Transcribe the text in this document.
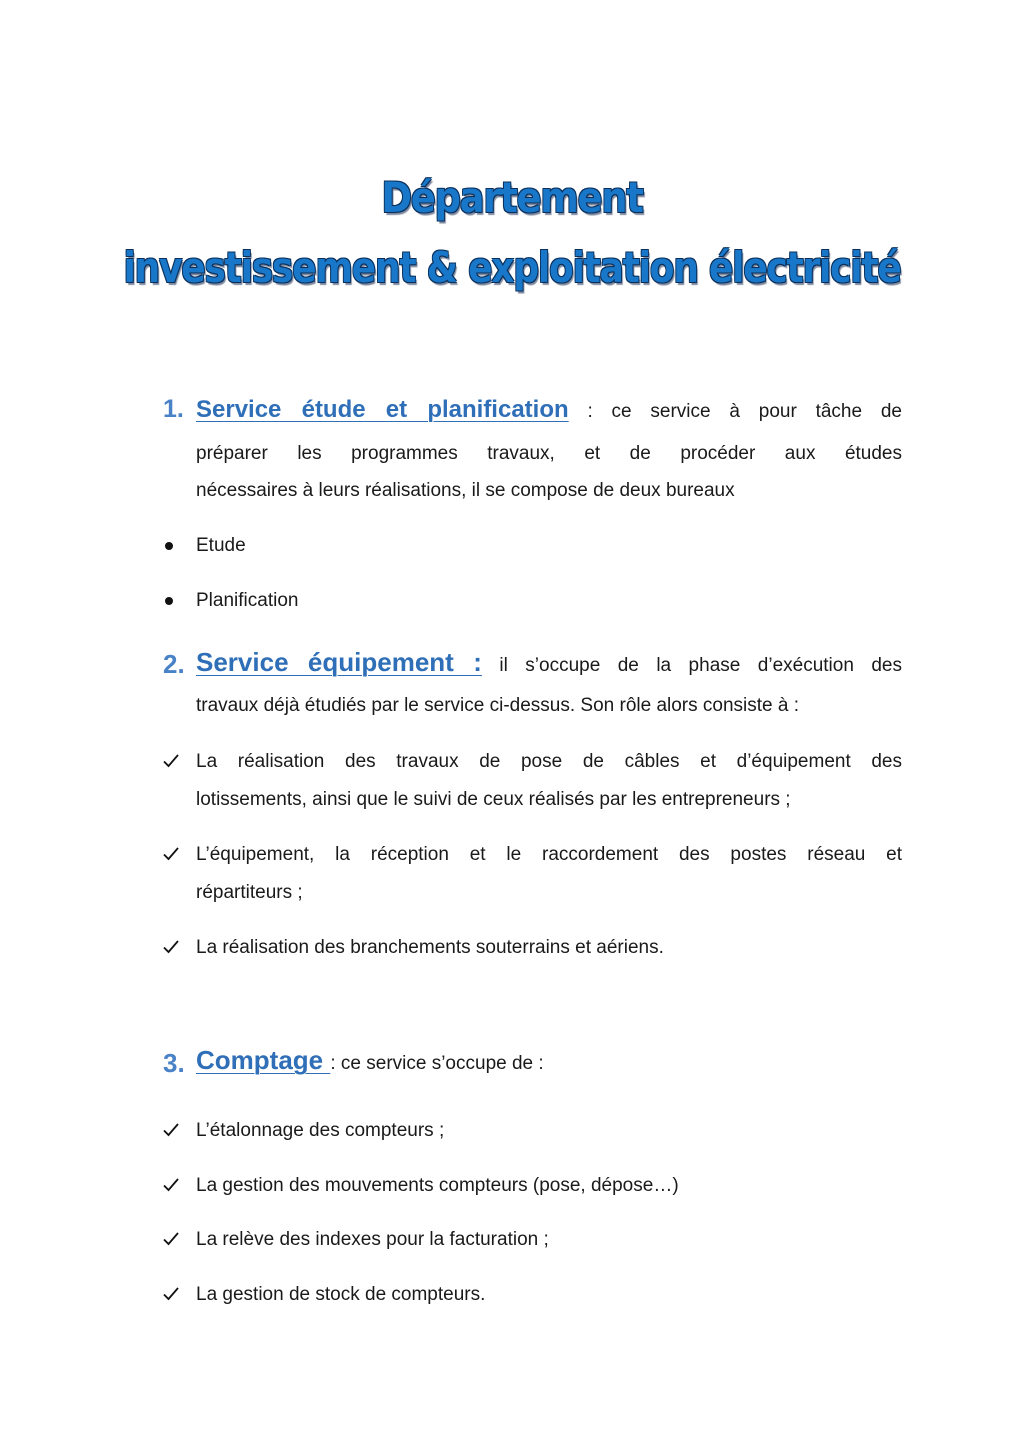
Département
investissement & exploitation électricité
1. Service étude et planification : ce service à pour tâche de
préparer les programmes travaux, et de procéder aux études
nécessaires à leurs réalisations, il se compose de deux bureaux
Etude
Planification
2. Service équipement : il s’occupe de la phase d’exécution des
travaux déjà étudiés par le service ci-dessus. Son rôle alors consiste à :
La réalisation des travaux de pose de câbles et d’équipement des
lotissements, ainsi que le suivi de ceux réalisés par les entrepreneurs ;
L’équipement, la réception et le raccordement des postes réseau et
répartiteurs ;
La réalisation des branchements souterrains et aériens.
3. Comptage : ce service s’occupe de :
L’étalonnage des compteurs ;
La gestion des mouvements compteurs (pose, dépose…)
La relève des indexes pour la facturation ;
La gestion de stock de compteurs.
